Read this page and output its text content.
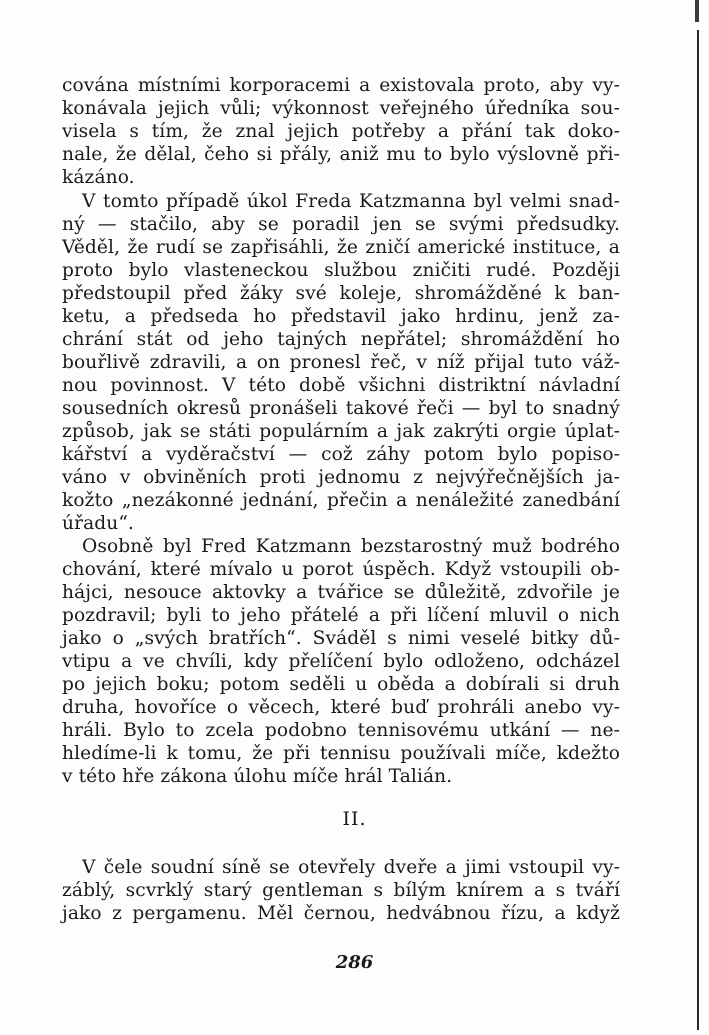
cována místními korporacemi a existovala proto, aby vy-
konávala jejich vůli; výkonnost veřejného úředníka sou-
visela s tím, že znal jejich potřeby a přání tak doko-
nale, že dělal, čeho si přály, aniž mu to bylo výslovně při-
kázáno.
V tomto případě úkol Freda Katzmanna byl velmi snad-
ný — stačilo, aby se poradil jen se svými předsudky.
Věděl, že rudí se zapřisáhli, že zničí americké instituce, a
proto bylo vlasteneckou službou zničiti rudé. Později
předstoupil před žáky své koleje, shromážděné k ban-
ketu, a předseda ho představil jako hrdinu, jenž za-
chrání stát od jeho tajných nepřátel; shromáždění ho
bouřlivě zdravili, a on pronesl řeč, v níž přijal tuto váž-
nou povinnost. V této době všichni distriktní návladní
sousedních okresů pronášeli takové řeči — byl to snadný
způsob, jak se státi populárním a jak zakrýti orgie úplat-
kářství a vyděračství — což záhy potom bylo popiso-
váno v obviněních proti jednomu z nejvýřečnějších ja-
kožto „nezákonné jednání, přečin a nenáležité zanedbání
úřadu“.
Osobně byl Fred Katzmann bezstarostný muž bodrého
chování, které mívalo u porot úspěch. Když vstoupili ob-
hájci, nesouce aktovky a tvářice se důležitě, zdvořile je
pozdravil; byli to jeho přátelé a při líčení mluvil o nich
jako o „svých bratřích“. Sváděl s nimi veselé bitky dů-
vtipu a ve chvíli, kdy přelíčení bylo odloženo, odcházel
po jejich boku; potom seděli u oběda a dobírali si druh
druha, hovoříce o věcech, které buď prohráli anebo vy-
hráli. Bylo to zcela podobno tennisovému utkání — ne-
hledíme-li k tomu, že při tennisu používali míče, kdežto
v této hře zákona úlohu míče hrál Talián.
II.
V čele soudní síně se otevřely dveře a jimi vstoupil vy-
záblý, scvrklý starý gentleman s bílým knírem a s tváří
jako z pergamenu. Měl černou, hedvábnou řízu, a když
286
